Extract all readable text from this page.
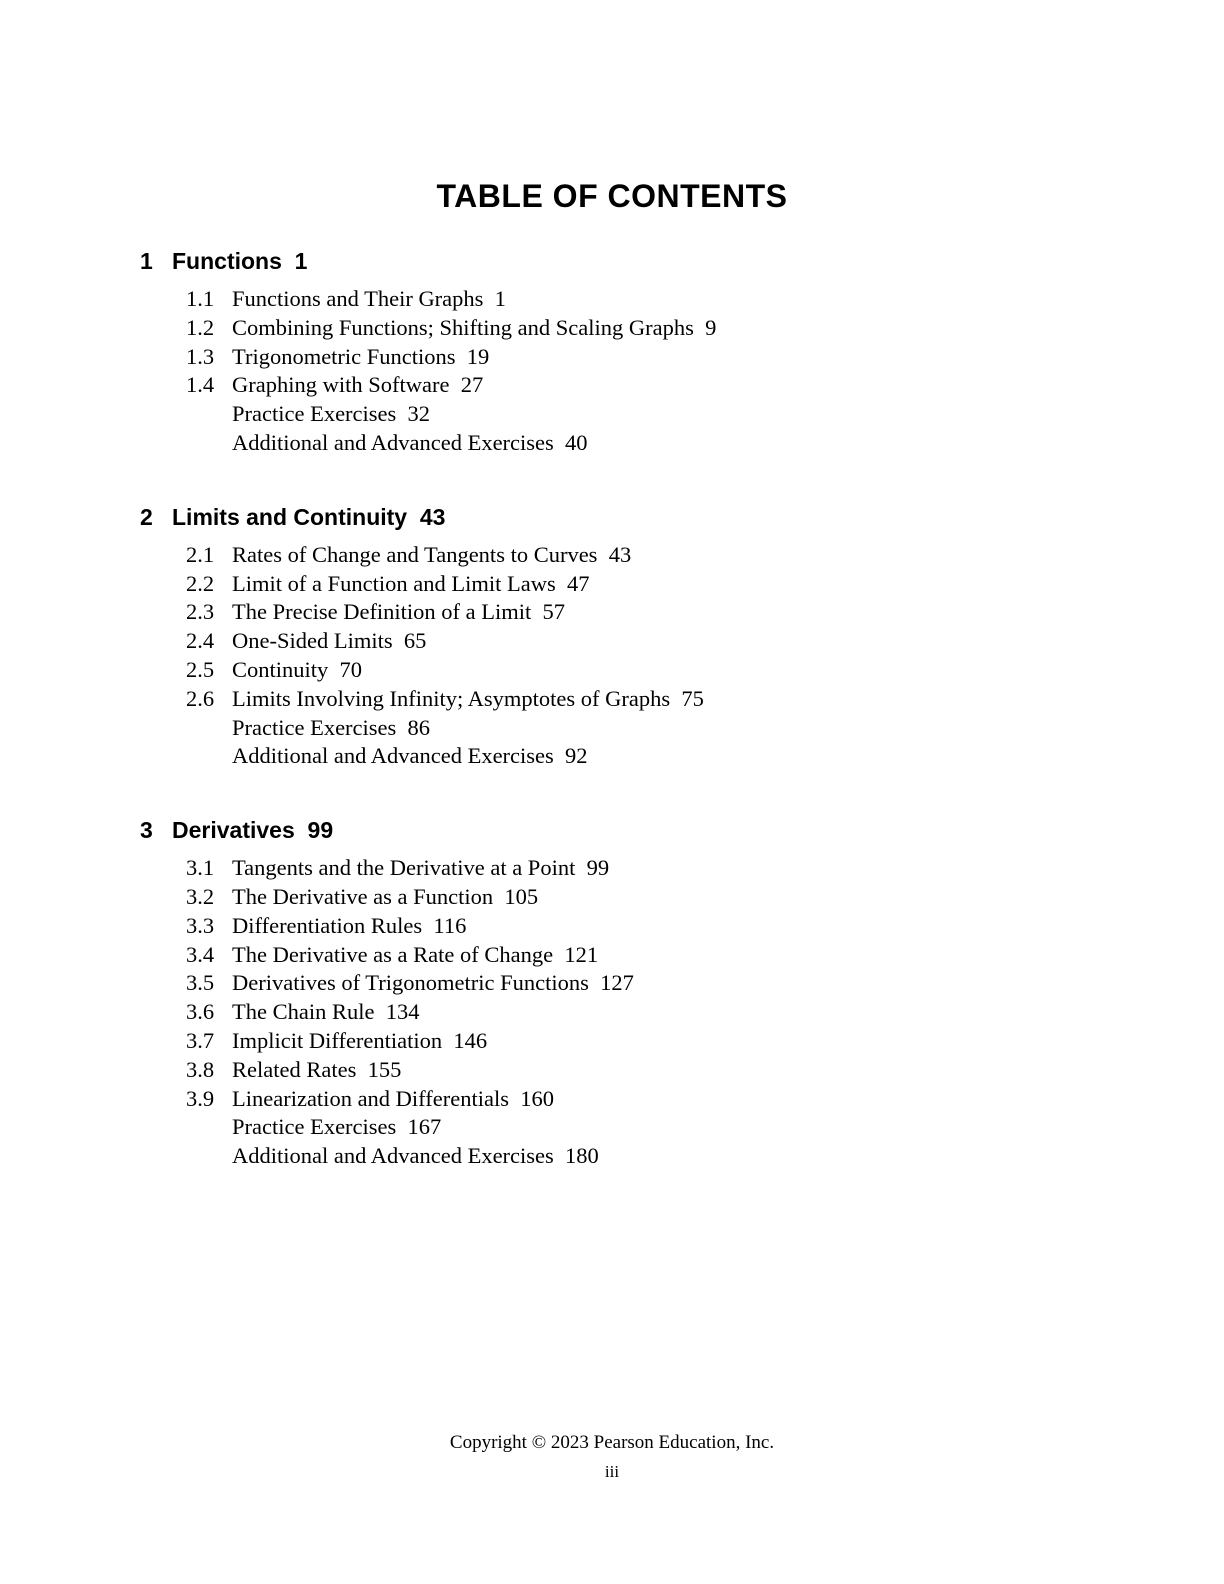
TABLE OF CONTENTS
1 Functions  1
1.1 Functions and Their Graphs  1
1.2 Combining Functions; Shifting and Scaling Graphs  9
1.3 Trigonometric Functions  19
1.4 Graphing with Software  27
Practice Exercises  32
Additional and Advanced Exercises  40
2 Limits and Continuity  43
2.1 Rates of Change and Tangents to Curves  43
2.2 Limit of a Function and Limit Laws  47
2.3 The Precise Definition of a Limit  57
2.4 One-Sided Limits  65
2.5 Continuity  70
2.6 Limits Involving Infinity; Asymptotes of Graphs  75
Practice Exercises  86
Additional and Advanced Exercises  92
3 Derivatives  99
3.1 Tangents and the Derivative at a Point  99
3.2 The Derivative as a Function  105
3.3 Differentiation Rules  116
3.4 The Derivative as a Rate of Change  121
3.5 Derivatives of Trigonometric Functions  127
3.6 The Chain Rule  134
3.7 Implicit Differentiation  146
3.8 Related Rates  155
3.9 Linearization and Differentials  160
Practice Exercises  167
Additional and Advanced Exercises  180
Copyright © 2023 Pearson Education, Inc.
iii
